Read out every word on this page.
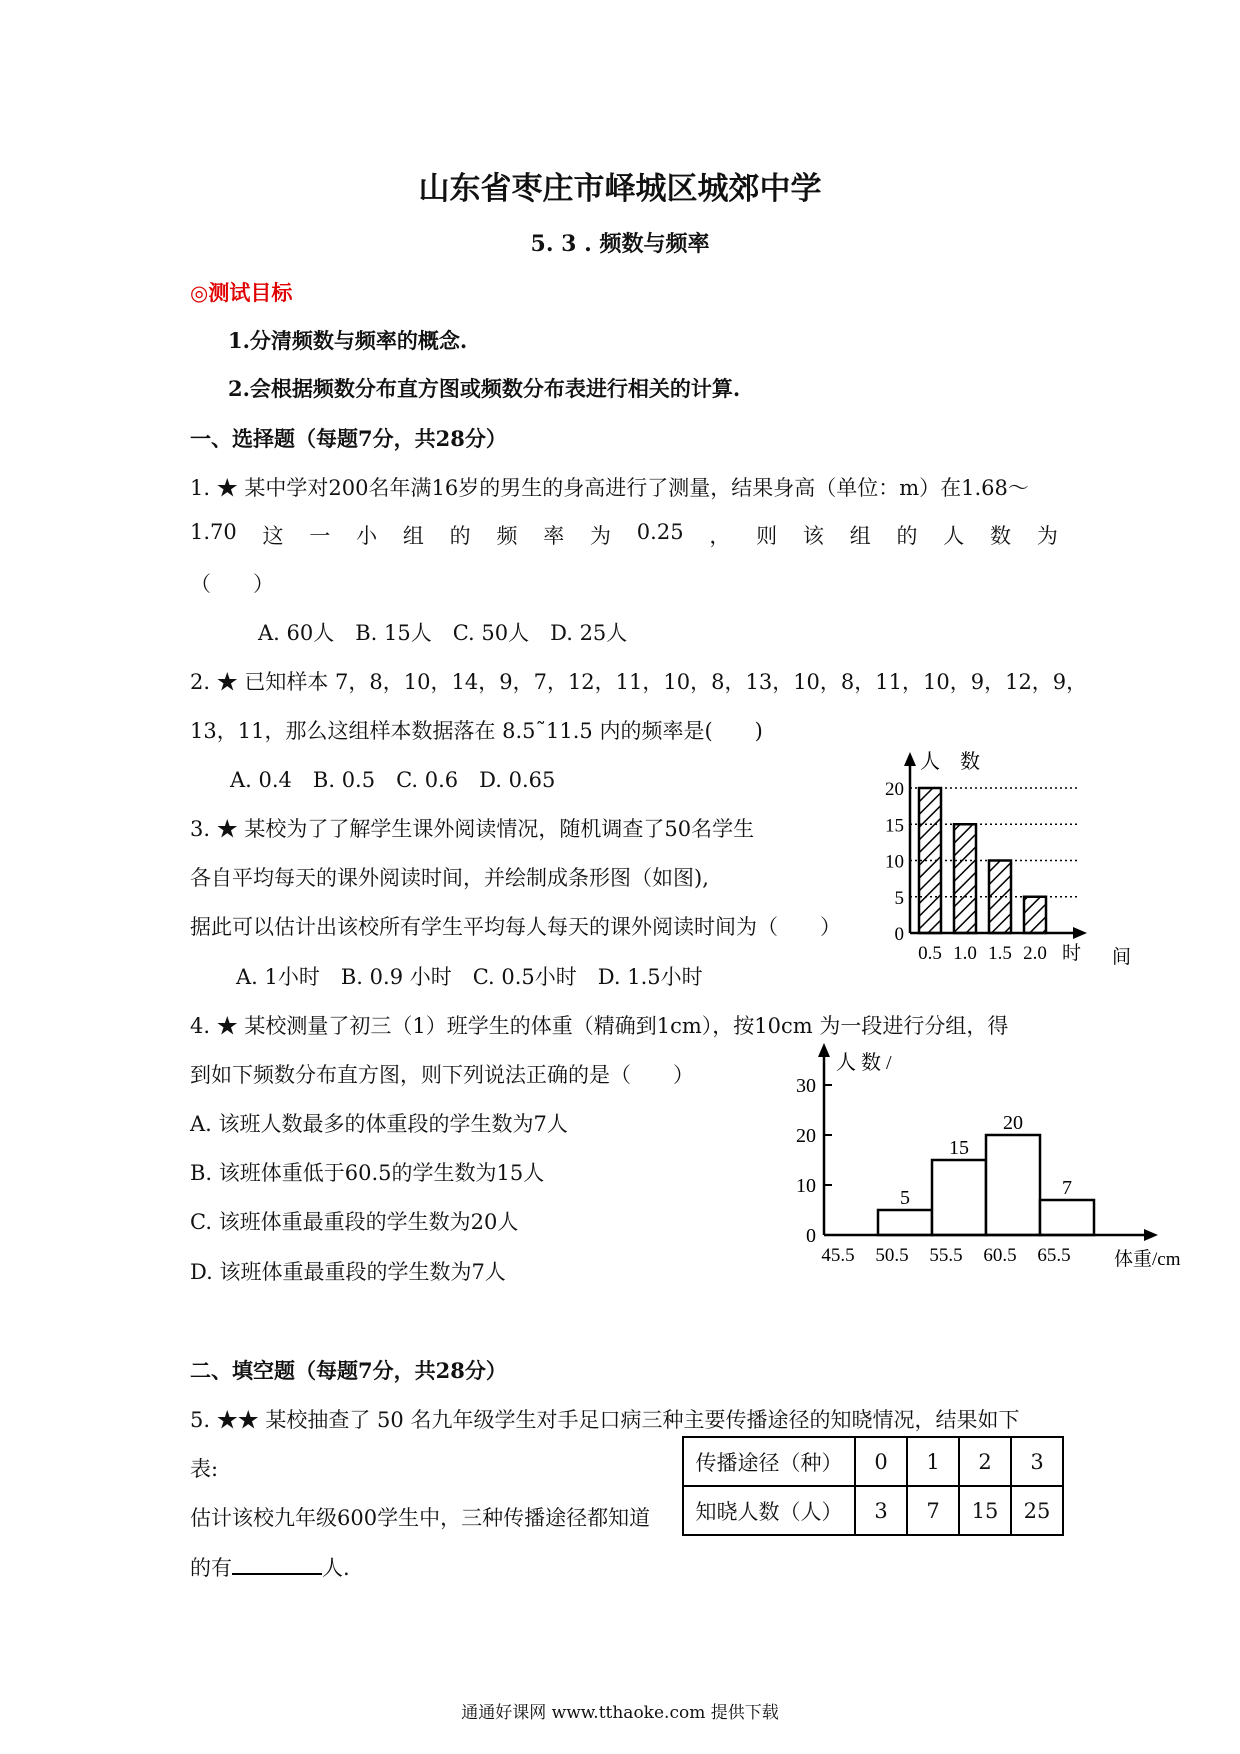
山东省枣庄市峄城区城郊中学
5. 3 . 频数与频率
◎测试目标
1.分清频数与频率的概念.
2.会根据频数分布直方图或频数分布表进行相关的计算.
一、选择题（每题7分，共28分）
1. ★ 某中学对200名年满16岁的男生的身高进行了测量，结果身高（单位：m）在1.68～
1.70 这 一 小 组 的 频 率 为 0.25 ， 则 该 组 的 人 数 为
（　　）
A. 60人　B. 15人　C. 50人　D. 25人
2. ★ 已知样本 7，8，10，14，9，7，12，11，10，8，13，10，8，11，10，9，12，9，
13，11，那么这组样本数据落在 8.5˜11.5 内的频率是(　　)
A. 0.4　B. 0.5　C. 0.6　D. 0.65
3. ★ 某校为了了解学生课外阅读情况，随机调查了50名学生
各自平均每天的课外阅读时间，并绘制成条形图（如图),
据此可以估计出该校所有学生平均每人每天的课外阅读时间为（　　）
A. 1小时　B. 0.9 小时　C. 0.5小时　D. 1.5小时
0
5
10
15
20
0.5 1.0 1.5 2.0
人　数
时 间
4. ★ 某校测量了初三（1）班学生的体重（精确到1cm），按10cm 为一段进行分组，得
到如下频数分布直方图，则下列说法正确的是（　　）
A. 该班人数最多的体重段的学生数为7人
B. 该班体重低于60.5的学生数为15人
C. 该班体重最重段的学生数为20人
D. 该班体重最重段的学生数为7人
5
15
20
7
0
10
20
30
45.5 50.5 55.5 60.5 65.5
人 数 /
体重/cm
二、填空题（每题7分，共28分）
5. ★★ 某校抽查了 50 名九年级学生对手足口病三种主要传播途径的知晓情况，结果如下
表:
估计该校九年级600学生中，三种传播途径都知道
的有	人.
传播途径（种）	0	1	2	3
知晓人数（人）	3	7	15	25
通通好课网 www.tthaoke.com 提供下载
